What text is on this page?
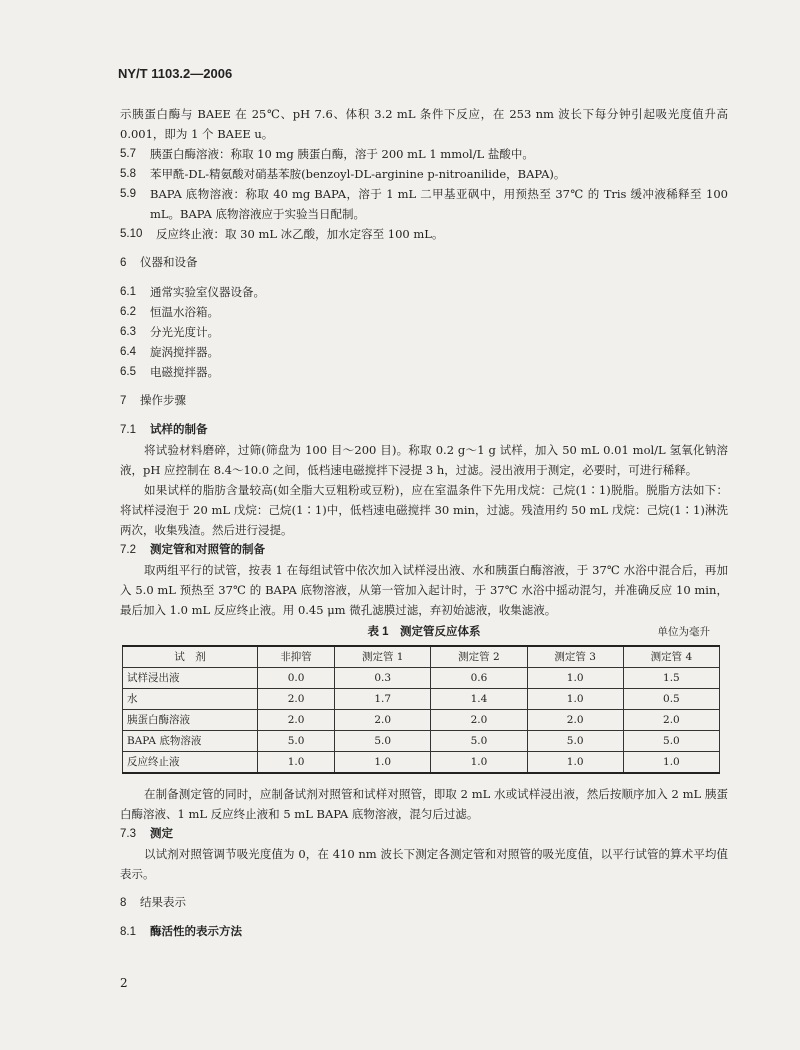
NY/T 1103.2—2006

示胰蛋白酶与 BAEE 在 25℃、pH 7.6、体积 3.2 mL 条件下反应，在 253 nm 波长下每分钟引起吸光度值升高 0.001，即为 1 个 BAEE u。

5.7	胰蛋白酶溶液：称取 10 mg 胰蛋白酶，溶于 200 mL 1 mmol/L 盐酸中。
5.8	苯甲酰-DL-精氨酸对硝基苯胺(benzoyl-DL-arginine p-nitroanilide，BAPA)。
5.9	BAPA 底物溶液：称取 40 mg BAPA，溶于 1 mL 二甲基亚砜中，用预热至 37℃ 的 Tris 缓冲液稀释至 100 mL。BAPA 底物溶液应于实验当日配制。
5.10	反应终止液：取 30 mL 冰乙酸，加水定容至 100 mL。
6	仪器和设备
6.1	通常实验室仪器设备。
6.2	恒温水浴箱。
6.3	分光光度计。
6.4	旋涡搅拌器。
6.5	电磁搅拌器。
7	操作步骤
7.1	试样的制备

将试验材料磨碎，过筛(筛盘为 100 目～200 目)。称取 0.2 g～1 g 试样，加入 50 mL 0.01 mol/L 氢氧化钠溶液，pH 应控制在 8.4～10.0 之间，低档速电磁搅拌下浸提 3 h，过滤。浸出液用于测定，必要时，可进行稀释。

如果试样的脂肪含量较高(如全脂大豆粗粉或豆粉)，应在室温条件下先用戊烷：己烷(1∶1)脱脂。脱脂方法如下：将试样浸泡于 20 mL 戊烷：己烷(1∶1)中，低档速电磁搅拌 30 min，过滤。残渣用约 50 mL 戊烷：己烷(1∶1)淋洗两次，收集残渣。然后进行浸提。

7.2	测定管和对照管的制备

取两组平行的试管，按表 1 在每组试管中依次加入试样浸出液、水和胰蛋白酶溶液，于 37℃ 水浴中混合后，再加入 5.0 mL 预热至 37℃ 的 BAPA 底物溶液，从第一管加入起计时，于 37℃ 水浴中摇动混匀，并准确反应 10 min，最后加入 1.0 mL 反应终止液。用 0.45 μm 微孔滤膜过滤，弃初始滤液，收集滤液。

表 1　测定管反应体系	单位为毫升
试　剂	非抑管	测定管 1	测定管 2	测定管 3	测定管 4
试样浸出液	0.0	0.3	0.6	1.0	1.5
水	2.0	1.7	1.4	1.0	0.5
胰蛋白酶溶液	2.0	2.0	2.0	2.0	2.0
BAPA 底物溶液	5.0	5.0	5.0	5.0	5.0
反应终止液	1.0	1.0	1.0	1.0	1.0

在制备测定管的同时，应制备试剂对照管和试样对照管，即取 2 mL 水或试样浸出液，然后按顺序加入 2 mL 胰蛋白酶溶液、1 mL 反应终止液和 5 mL BAPA 底物溶液，混匀后过滤。

7.3	测定

以试剂对照管调节吸光度值为 0，在 410 nm 波长下测定各测定管和对照管的吸光度值，以平行试管的算术平均值表示。

8	结果表示
8.1	酶活性的表示方法
2
